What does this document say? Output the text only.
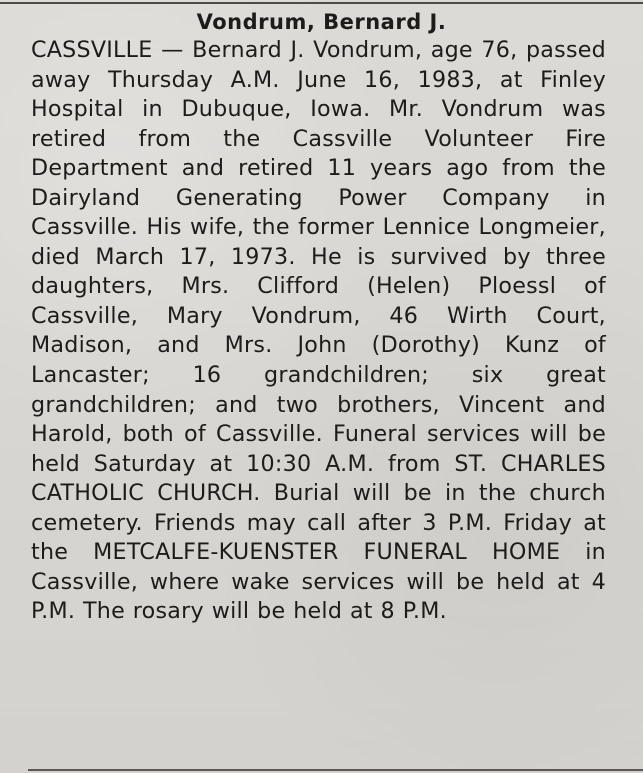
Vondrum, Bernard J.

CASSVILLE — Bernard J. Vondrum, age 76, passed away Thursday A.M. June 16, 1983, at Finley Hospital in Dubuque, Iowa. Mr. Vondrum was retired from the Cassville Volunteer Fire Department and retired 11 years ago from the Dairyland Generating Power Company in Cassville. His wife, the former Lennice Longmeier, died March 17, 1973. He is survived by three daughters, Mrs. Clifford (Helen) Ploessl of Cassville, Mary Vondrum, 46 Wirth Court, Madison, and Mrs. John (Dorothy) Kunz of Lancaster; 16 grandchildren; six great grandchildren; and two brothers, Vincent and Harold, both of Cassville. Funeral services will be held Saturday at 10:30 A.M. from ST. CHARLES CATHOLIC CHURCH. Burial will be in the church cemetery. Friends may call after 3 P.M. Friday at the METCALFE-KUENSTER FUNERAL HOME in Cassville, where wake services will be held at 4 P.M. The rosary will be held at 8 P.M.
